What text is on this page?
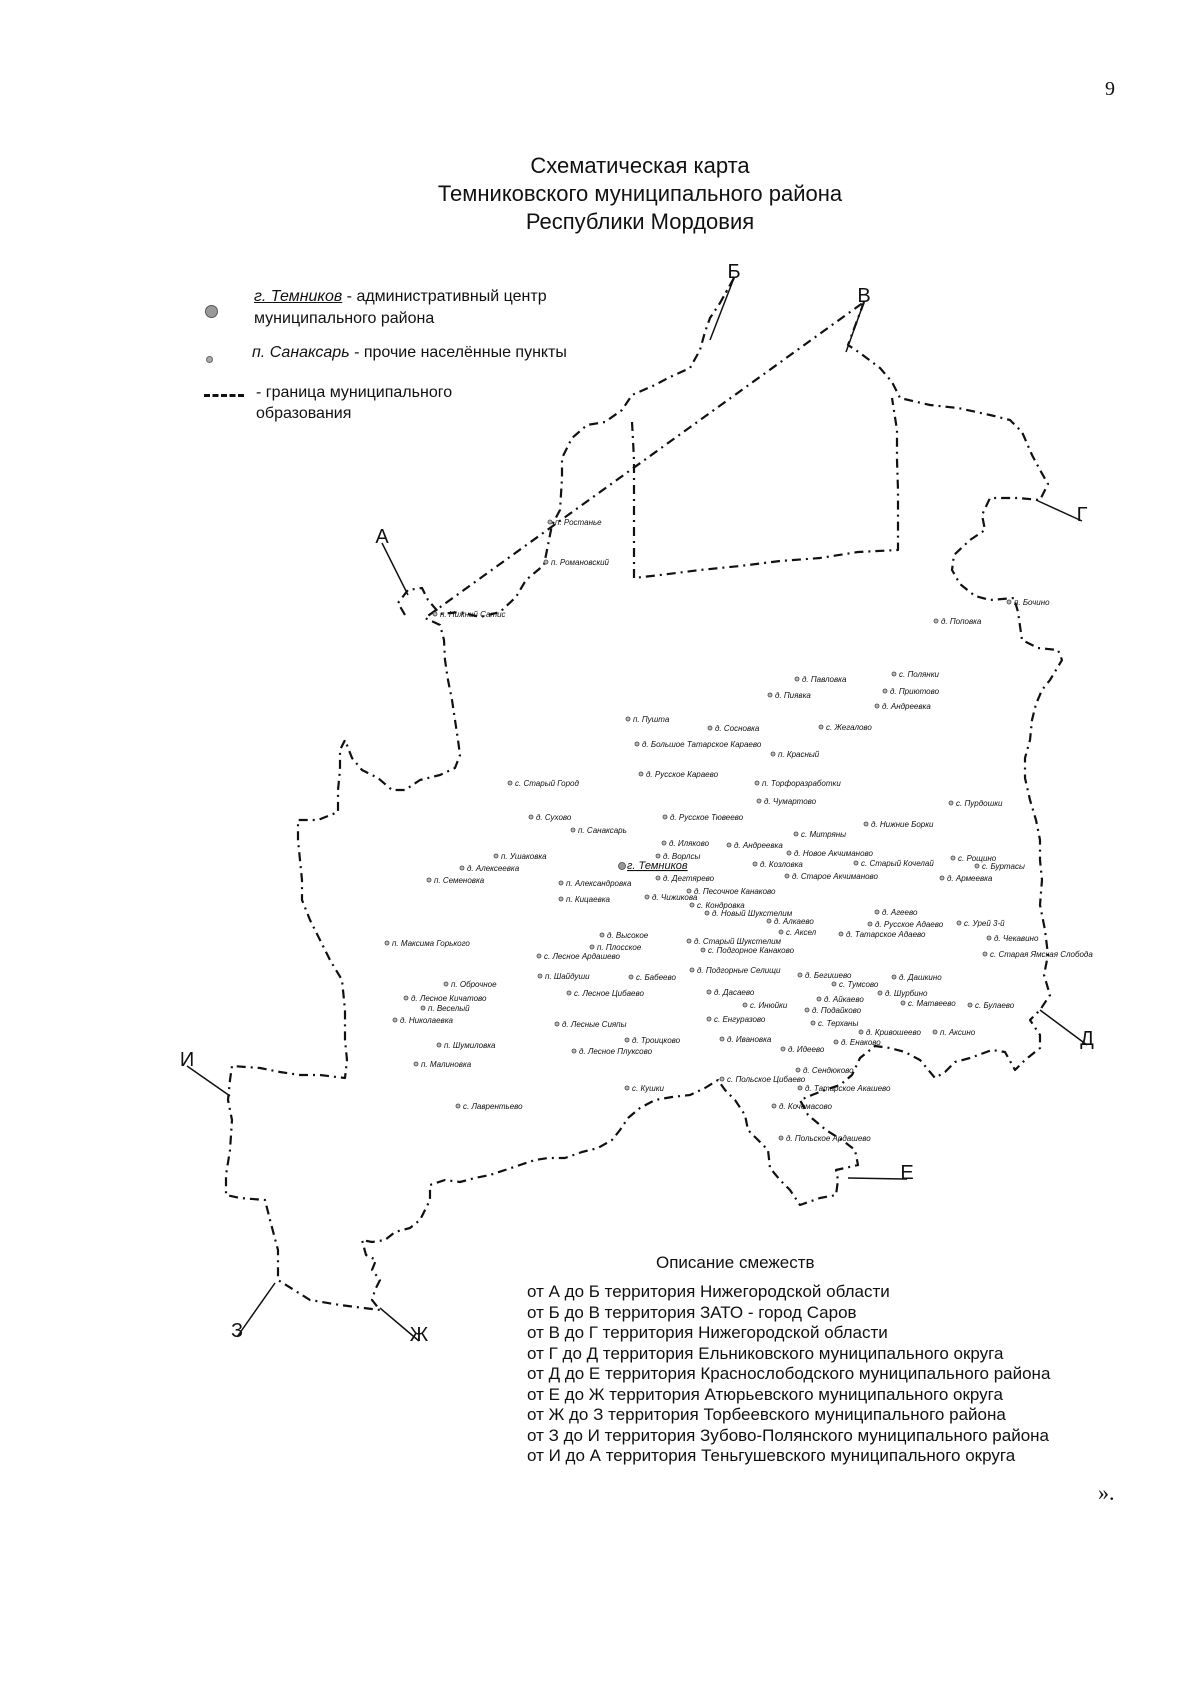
9
Схематическая карта
Темниковского муниципального района
Республики Мордовия
г. Темников - административный центр
муниципального района
п. Санаксарь - прочие населённые пункты
- граница муниципального
образования
А
Б
В
Г
Д
Е
Ж
З
И
п. Ростанье
п. Романовский
п. Нижний Сатис
п. Бочино
д. Поповка
д. Павловка
с. Полянки
д. Пиявка	д. Приютово
д. Андреевка
п. Пушта
д. Сосновка	с. Жегалово
д. Большое Татарское Караево
п. Красный
д. Русское Караево
с. Старый Город	п. Торфоразработки
д. Чумартово	с. Пурдошки
д. Сухово	д. Русское Тювеево
п. Санаксарь
д. Нижние Борки
с. Митряны
д. Иляково	д. Андреевка
п. Ушаковка	д. Ворлсы	д. Новое Акчиманово
с. Рощино
д. Алексеевка	г. Темников	д. Козловка	с. Старый Кочелай	с. Буртасы
п. Семеновка	п. Александровка
д. Дегтярево	д. Старое Акчиманово	д. Армеевка
п. Кицаевка	д. Чижикова
д. Песочное Канаково
с. Кондровка
д. Новый Шукстелим	д. Агеево
д. Алкаево	д. Русское Адаево	с. Урей 3-й
с. Аксел	д. Татарское Адаево	д. Чекавино
д. Высокое
п. Максима Горького	п. Плосское
д. Старый Шукстелим
с. Подгорное Канаково
с. Лесное Ардашево	с. Старая Ямская Слобода
д. Подгорные Селищи
д. Бегишево	д. Дашкино
п. Шайдуши	с. Бабеево
с. Тумсово
п. Оброчное
с. Лесное Цибаево	д. Дасаево	д. Шурбино
д. Лесное Кичатово	д. Айкаево	с. Матвеево с. Булаево
с. Инюйки
д. Подайково
п. Веселый
д. Николаевка	с. Енгуразово
д. Лесные Сияпы	с. Терханы
д. Кривошеево п. Аксино
д. Троицково	д. Ивановка	д. Енаково
п. Шумиловка
д. Лесное Плуксово	д. Идеево
п. Малиновка
д. Сендюково
с. Польское Цибаево
с. Кушки	д. Татарское Акашево
с. Лаврентьево	д. Кочемасово
д. Польское Ардашево
Описание смежеств
от А до Б территория Нижегородской области
от Б до В территория ЗАТО - город Саров
от В до Г территория Нижегородской области
от Г до Д территория Ельниковского муниципального округа
от Д до Е территория Краснослободского муниципального района
от Е до Ж территория Атюрьевского муниципального округа
от Ж до З территория Торбеевского муниципального района
от З до И территория Зубово-Полянского муниципального района
от И до А территория Теньгушевского муниципального округа
».
